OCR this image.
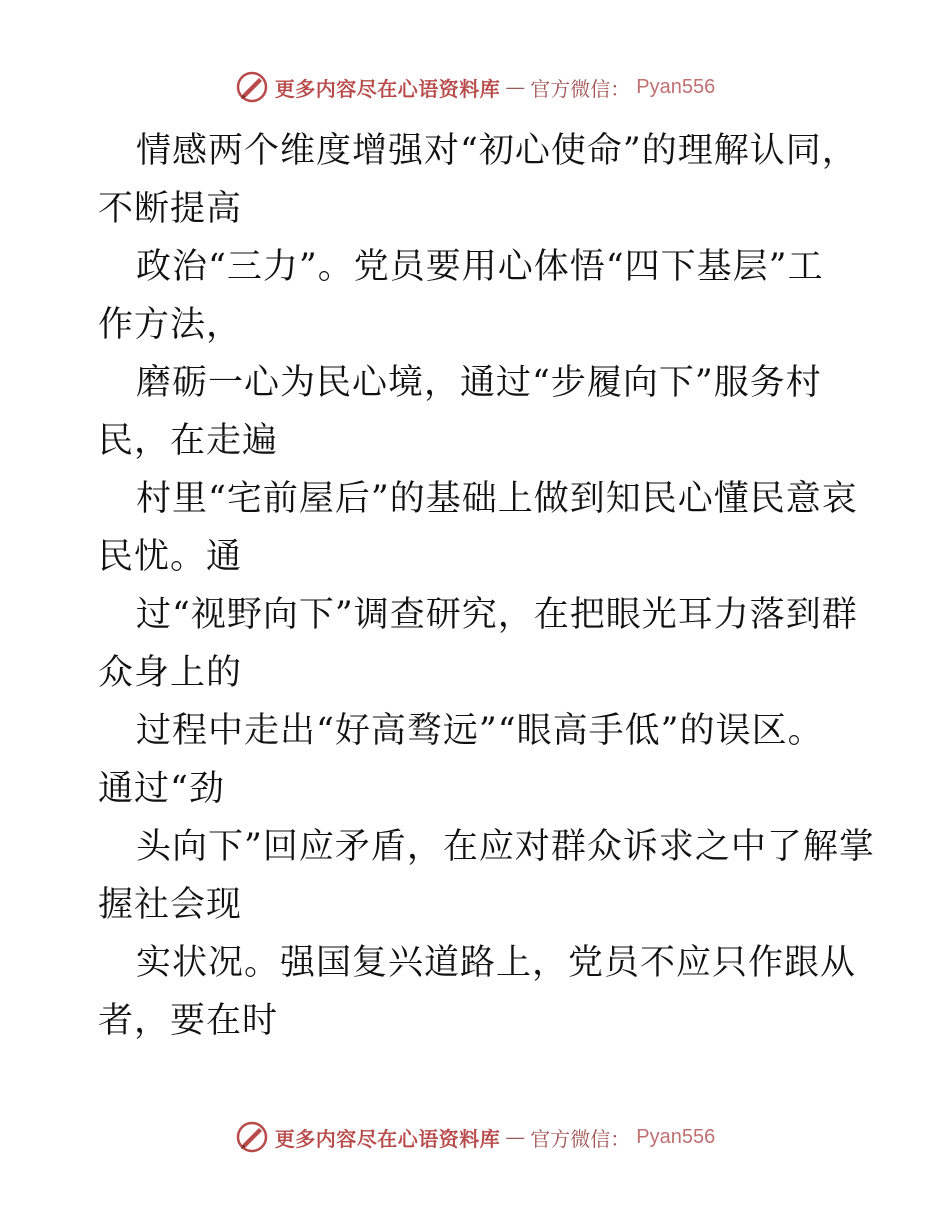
更多内容尽在心语资料库 — 官方微信： Pyan556
情感两个维度增强对“初心使命”的理解认同，
不断提高
政治“三力”。党员要用心体悟“四下基层”工
作方法，
磨砺一心为民心境，通过“步履向下”服务村
民，在走遍
村里“宅前屋后”的基础上做到知民心懂民意哀
民忧。通
过“视野向下”调查研究，在把眼光耳力落到群
众身上的
过程中走出“好高骛远”“眼高手低”的误区。
通过“劲
头向下”回应矛盾，在应对群众诉求之中了解掌
握社会现
实状况。强国复兴道路上，党员不应只作跟从
者，要在时
更多内容尽在心语资料库 — 官方微信： Pyan556
